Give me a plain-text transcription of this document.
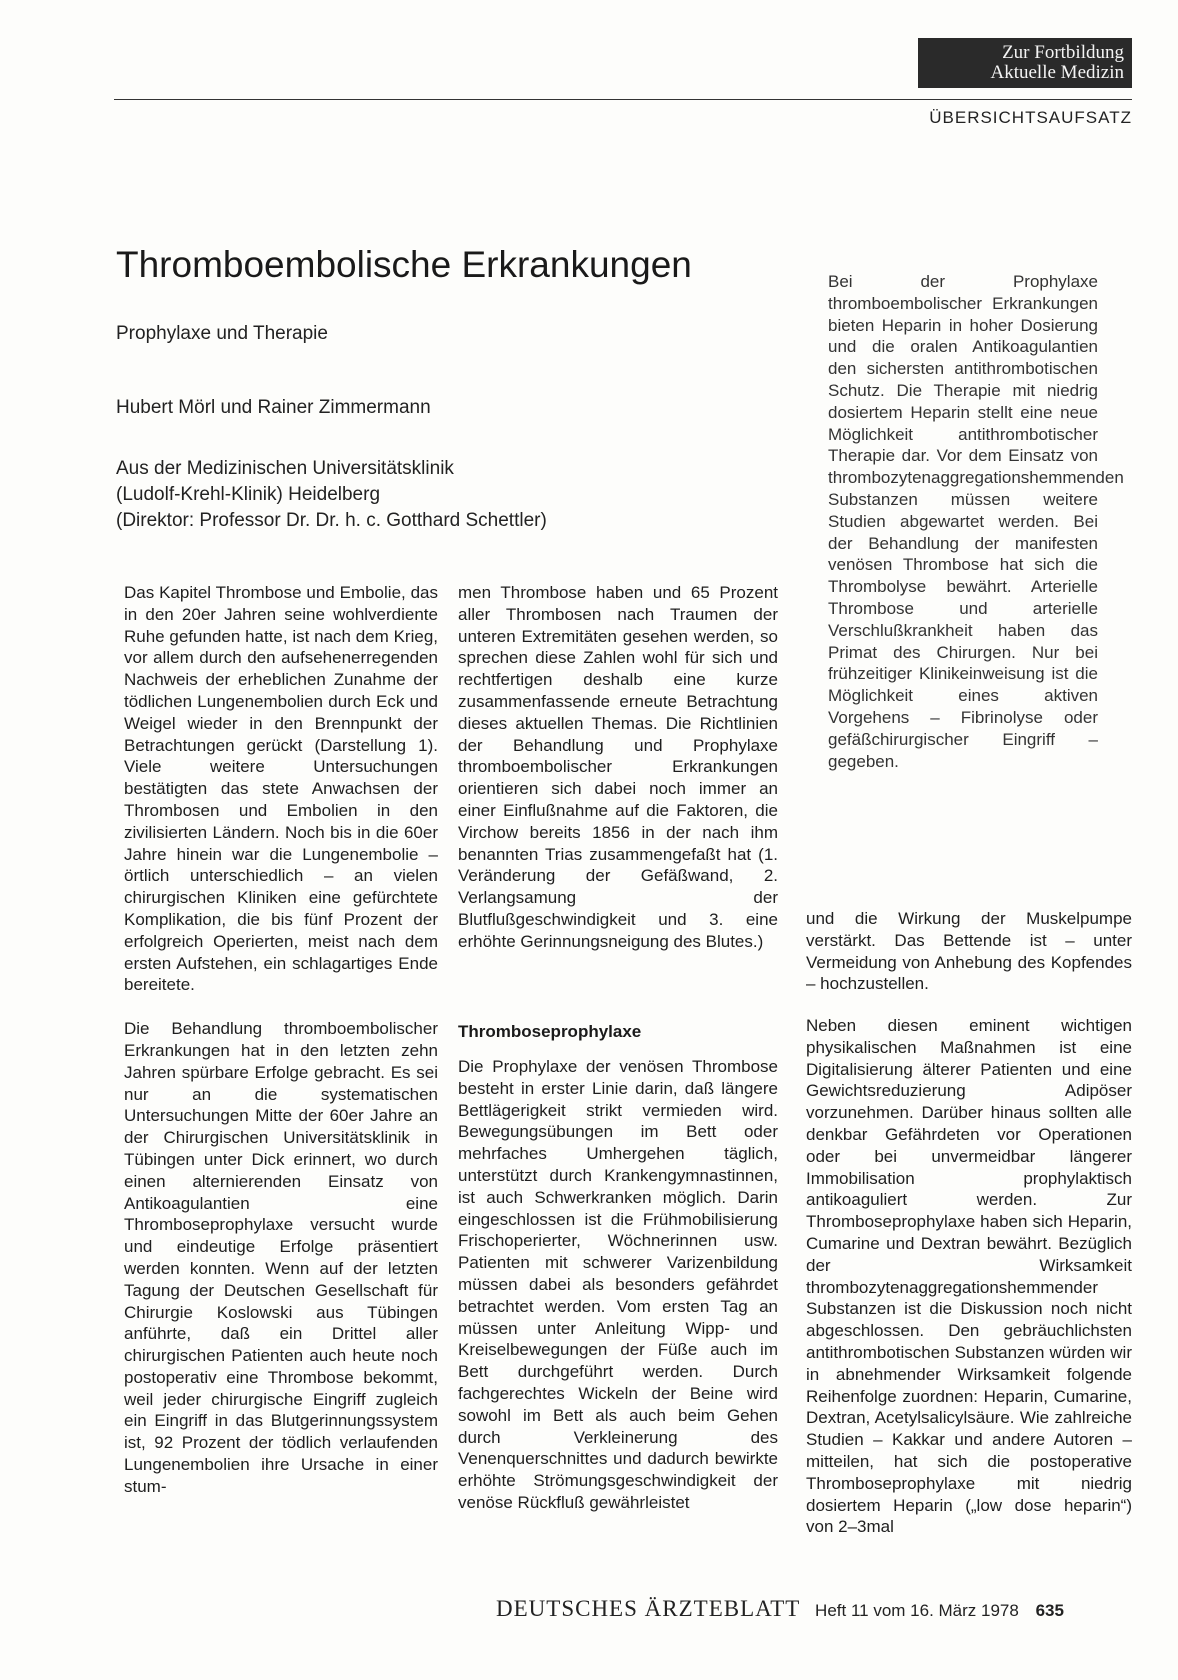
Zur Fortbildung
Aktuelle Medizin
ÜBERSICHTSAUFSATZ
Thromboembolische Erkrankungen
Prophylaxe und Therapie
Hubert Mörl und Rainer Zimmermann
Aus der Medizinischen Universitätsklinik
(Ludolf-Krehl-Klinik) Heidelberg
(Direktor: Professor Dr. Dr. h. c. Gotthard Schettler)
Bei der Prophylaxe thromboembolischer Erkrankungen bieten Heparin in hoher Dosierung und die oralen Antikoagulantien den sichersten antithrombotischen Schutz. Die Therapie mit niedrig dosiertem Heparin stellt eine neue Möglichkeit antithrombotischer Therapie dar. Vor dem Einsatz von thrombozytenaggregationshemmenden Substanzen müssen weitere Studien abgewartet werden. Bei der Behandlung der manifesten venösen Thrombose hat sich die Thrombolyse bewährt. Arterielle Thrombose und arterielle Verschlußkrankheit haben das Primat des Chirurgen. Nur bei frühzeitiger Klinikeinweisung ist die Möglichkeit eines aktiven Vorgehens – Fibrinolyse oder gefäßchirurgischer Eingriff – gegeben.

Das Kapitel Thrombose und Embolie, das in den 20er Jahren seine wohlverdiente Ruhe gefunden hatte, ist nach dem Krieg, vor allem durch den aufsehenerregenden Nachweis der erheblichen Zunahme der tödlichen Lungenembolien durch Eck und Weigel wieder in den Brennpunkt der Betrachtungen gerückt (Darstellung 1). Viele weitere Untersuchungen bestätigten das stete Anwachsen der Thrombosen und Embolien in den zivilisierten Ländern. Noch bis in die 60er Jahre hinein war die Lungenembolie – örtlich unterschiedlich – an vielen chirurgischen Kliniken eine gefürchtete Komplikation, die bis fünf Prozent der erfolgreich Operierten, meist nach dem ersten Aufstehen, ein schlagartiges Ende bereitete.

Die Behandlung thromboembolischer Erkrankungen hat in den letzten zehn Jahren spürbare Erfolge gebracht. Es sei nur an die systematischen Untersuchungen Mitte der 60er Jahre an der Chirurgischen Universitätsklinik in Tübingen unter Dick erinnert, wo durch einen alternierenden Einsatz von Antikoagulantien eine Thromboseprophylaxe versucht wurde und eindeutige Erfolge präsentiert werden konnten. Wenn auf der letzten Tagung der Deutschen Gesellschaft für Chirurgie Koslowski aus Tübingen anführte, daß ein Drittel aller chirurgischen Patienten auch heute noch postoperativ eine Thrombose bekommt, weil jeder chirurgische Eingriff zugleich ein Eingriff in das Blutgerinnungssystem ist, 92 Prozent der tödlich verlaufenden Lungenembolien ihre Ursache in einer stum-

men Thrombose haben und 65 Prozent aller Thrombosen nach Traumen der unteren Extremitäten gesehen werden, so sprechen diese Zahlen wohl für sich und rechtfertigen deshalb eine kurze zusammenfassende erneute Betrachtung dieses aktuellen Themas. Die Richtlinien der Behandlung und Prophylaxe thromboembolischer Erkrankungen orientieren sich dabei noch immer an einer Einflußnahme auf die Faktoren, die Virchow bereits 1856 in der nach ihm benannten Trias zusammengefaßt hat (1. Veränderung der Gefäßwand, 2. Verlangsamung der Blutflußgeschwindigkeit und 3. eine erhöhte Gerinnungsneigung des Blutes.)

Thromboseprophylaxe

Die Prophylaxe der venösen Thrombose besteht in erster Linie darin, daß längere Bettlägerigkeit strikt vermieden wird. Bewegungsübungen im Bett oder mehrfaches Umhergehen täglich, unterstützt durch Krankengymnastinnen, ist auch Schwerkranken möglich. Darin eingeschlossen ist die Frühmobilisierung Frischoperierter, Wöchnerinnen usw. Patienten mit schwerer Varizenbildung müssen dabei als besonders gefährdet betrachtet werden. Vom ersten Tag an müssen unter Anleitung Wipp- und Kreiselbewegungen der Füße auch im Bett durchgeführt werden. Durch fachgerechtes Wickeln der Beine wird sowohl im Bett als auch beim Gehen durch Verkleinerung des Venenquerschnittes und dadurch bewirkte erhöhte Strömungsgeschwindigkeit der venöse Rückfluß gewährleistet

und die Wirkung der Muskelpumpe verstärkt. Das Bettende ist – unter Vermeidung von Anhebung des Kopfendes – hochzustellen.

Neben diesen eminent wichtigen physikalischen Maßnahmen ist eine Digitalisierung älterer Patienten und eine Gewichtsreduzierung Adipöser vorzunehmen. Darüber hinaus sollten alle denkbar Gefährdeten vor Operationen oder bei unvermeidbar längerer Immobilisation prophylaktisch antikoaguliert werden. Zur Thromboseprophylaxe haben sich Heparin, Cumarine und Dextran bewährt. Bezüglich der Wirksamkeit thrombozytenaggregationshemmender Substanzen ist die Diskussion noch nicht abgeschlossen. Den gebräuchlichsten antithrombotischen Substanzen würden wir in abnehmender Wirksamkeit folgende Reihenfolge zuordnen: Heparin, Cumarine, Dextran, Acetylsalicylsäure. Wie zahlreiche Studien – Kakkar und andere Autoren – mitteilen, hat sich die postoperative Thromboseprophylaxe mit niedrig dosiertem Heparin („low dose heparin“) von 2–3mal

DEUTSCHES ÄRZTEBLATT Heft 11 vom 16. März 1978 635
